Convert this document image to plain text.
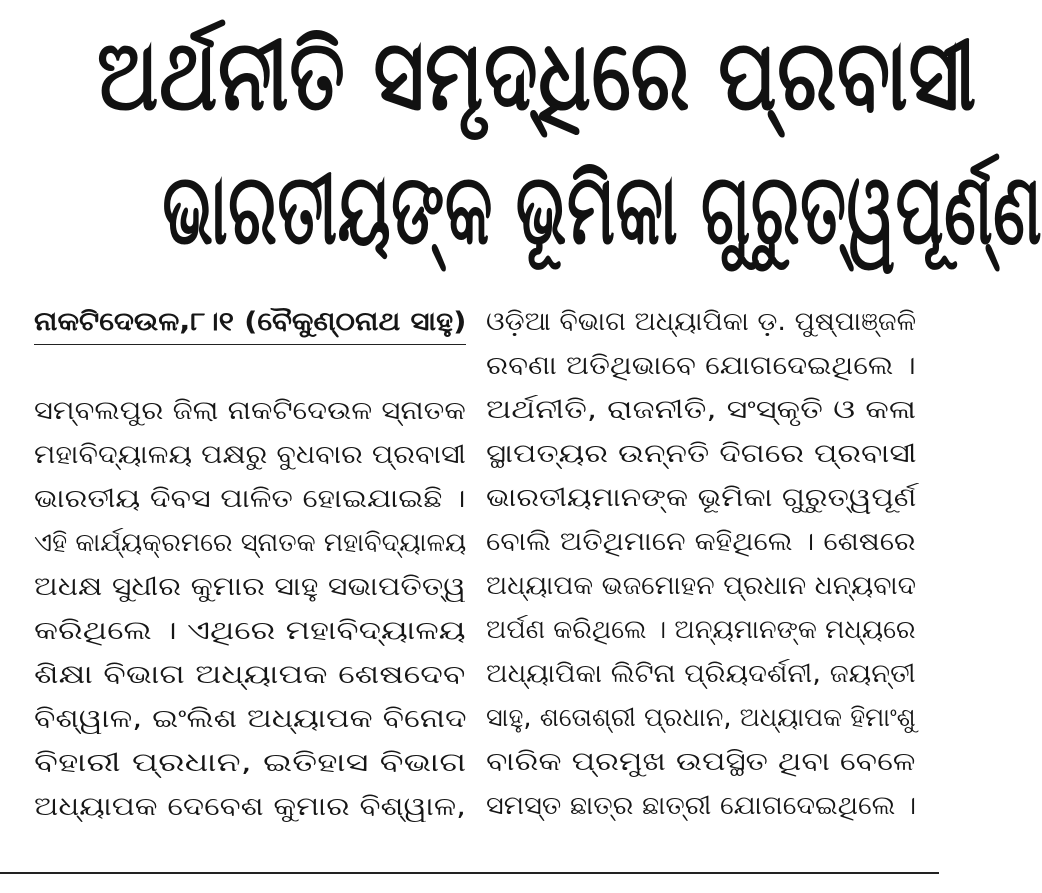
ଅର୍ଥନୀତି ସମୃଦ୍ଧିରେ ପ୍ରବାସୀ
ଭାରତୀୟଙ୍କ ଭୂମିକା ଗୁରୁତ୍ୱପୂର୍ଣ୍ଣ
ନାକଟିଦେଉଳ,୮।୧ (ବୈକୁଣ୍ଠନାଥ ସାହୁ)
ସମ୍ବଲପୁର ଜିଲା ନାକଟିଦେଉଳ ସ୍ନାତକ
ମହାବିଦ୍ୟାଳୟ ପକ୍ଷରୁ ବୁଧବାର ପ୍ରବାସୀ
ଭାରତୀୟ ଦିବସ ପାଳିତ ହୋଇଯାଇଛି ।
ଏହି କାର୍ଯ୍ୟକ୍ରମରେ ସ୍ନାତକ ମହାବିଦ୍ୟାଳୟ
ଅଧକ୍ଷ ସୁଧୀର କୁମାର ସାହୁ ସଭାପତିତ୍ୱ
କରିଥିଲେ । ଏଥିରେ ମହାବିଦ୍ୟାଳୟ
ଶିକ୍ଷା ବିଭାଗ ଅଧ୍ୟାପକ ଶେଷଦେବ
ବିଶ୍ୱାଳ, ଇଂଲିଶ ଅଧ୍ୟାପକ ବିନୋଦ
ବିହାରୀ ପ୍ରଧାନ, ଇତିହାସ ବିଭାଗ
ଅଧ୍ୟାପକ ଦେବେଶ କୁମାର ବିଶ୍ୱାଳ,
ଓଡ଼ିଆ ବିଭାଗ ଅଧ୍ୟାପିକା ଡ଼. ପୁଷ୍ପାଞ୍ଜଳି
ରବଣା ଅତିଥିଭାବେ ଯୋଗଦେଇଥିଲେ ।
ଅର୍ଥନୀତି, ରାଜନୀତି, ସଂସ୍କୃତି ଓ କଳା
ସ୍ଥାପତ୍ୟର ଉନ୍ନତି ଦିଗରେ ପ୍ରବାସୀ
ଭାରତୀୟମାନଙ୍କ ଭୂମିକା ଗୁରୁତ୍ୱପୂର୍ଣ
ବୋଲି ଅତିଥିମାନେ କହିଥିଲେ । ଶେଷରେ
ଅଧ୍ୟାପକ ଭଜମୋହନ ପ୍ରଧାନ ଧନ୍ୟବାଦ
ଅର୍ପଣ କରିଥିଲେ । ଅନ୍ୟମାନଙ୍କ ମଧ୍ୟରେ
ଅଧ୍ୟାପିକା ଲିଟିନା ପ୍ରିୟଦର୍ଶନୀ, ଜୟନ୍ତୀ
ସାହୁ, ଶତୋଶ୍ରୀ ପ୍ରଧାନ, ଅଧ୍ୟାପକ ହିମାଂଶୁ
ବାରିକ ପ୍ରମୁଖ ଉପସ୍ଥିତ ଥିବା ବେଳେ
ସମସ୍ତ ଛାତ୍ର ଛାତ୍ରୀ ଯୋଗଦେଇଥିଲେ ।
